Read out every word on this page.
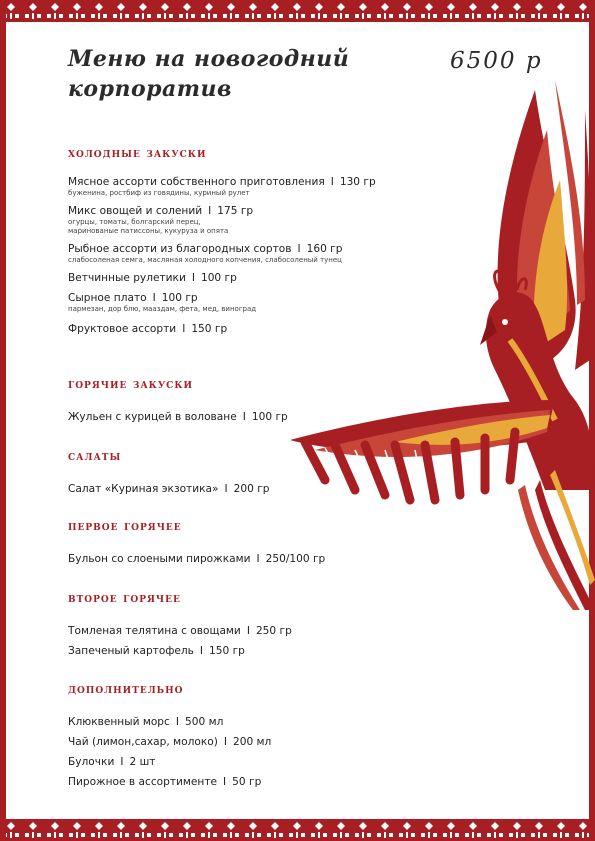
Меню на новогодний
корпоратив
6500 р
холодные закуски
Мясное ассорти собственного приготовления I 130 гр
буженина, ростбиф из говядины, куриный рулет
Микс овощей и солений I 175 гр
огурцы, томаты, болгарский перец,
маринованые патиссоны, кукуруза и опята
Рыбное ассорти из благородных сортов I 160 гр
слабосоленая семга, масляная холодного копчения, слабосоленый тунец
Ветчинные рулетики I 100 гр
Сырное плато I 100 гр
пармезан, дор блю, мааздам, фета, мед, виноград
Фруктовое ассорти I 150 гр
горячие закуски
Жульен с курицей в воловане I 100 гр
салаты
Салат «Куриная экзотика» I 200 гр
первое горячее
Бульон со слоеными пирожками I 250/100 гр
второе горячее
Томленая телятина с овощами I 250 гр
Запеченый картофель I 150 гр
дополнительно
Клюквенный морс I 500 мл
Чай (лимон,сахар, молоко) I 200 мл
Булочки I 2 шт
Пирожное в ассортименте I 50 гр
